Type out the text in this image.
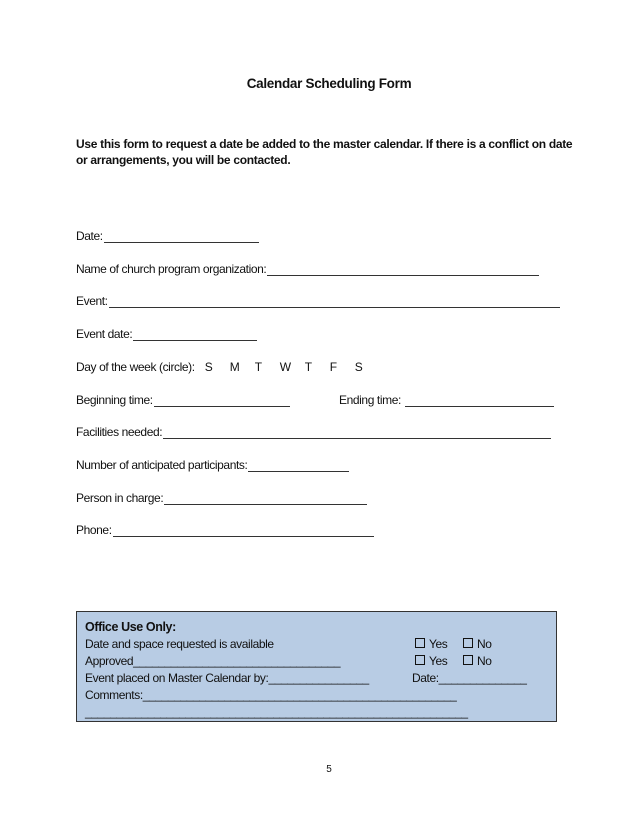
Calendar Scheduling Form
Use this form to request a date be added to the master calendar. If there is a conflict on date or arrangements, you will be contacted.
Date:
Name of church program organization:
Event:
Event date:
Day of the week (circle): S	M	T	W	T	F	S
Beginning time:	Ending time:
Facilities needed:
Number of anticipated participants:
Person in charge:
Phone:
Office Use Only:
Date and space requested is available	Yes	No
Approved_________________________________	Yes	No
Event placed on Master Calendar by:________________	Date:______________
Comments:__________________________________________________
_____________________________________________________________
5
